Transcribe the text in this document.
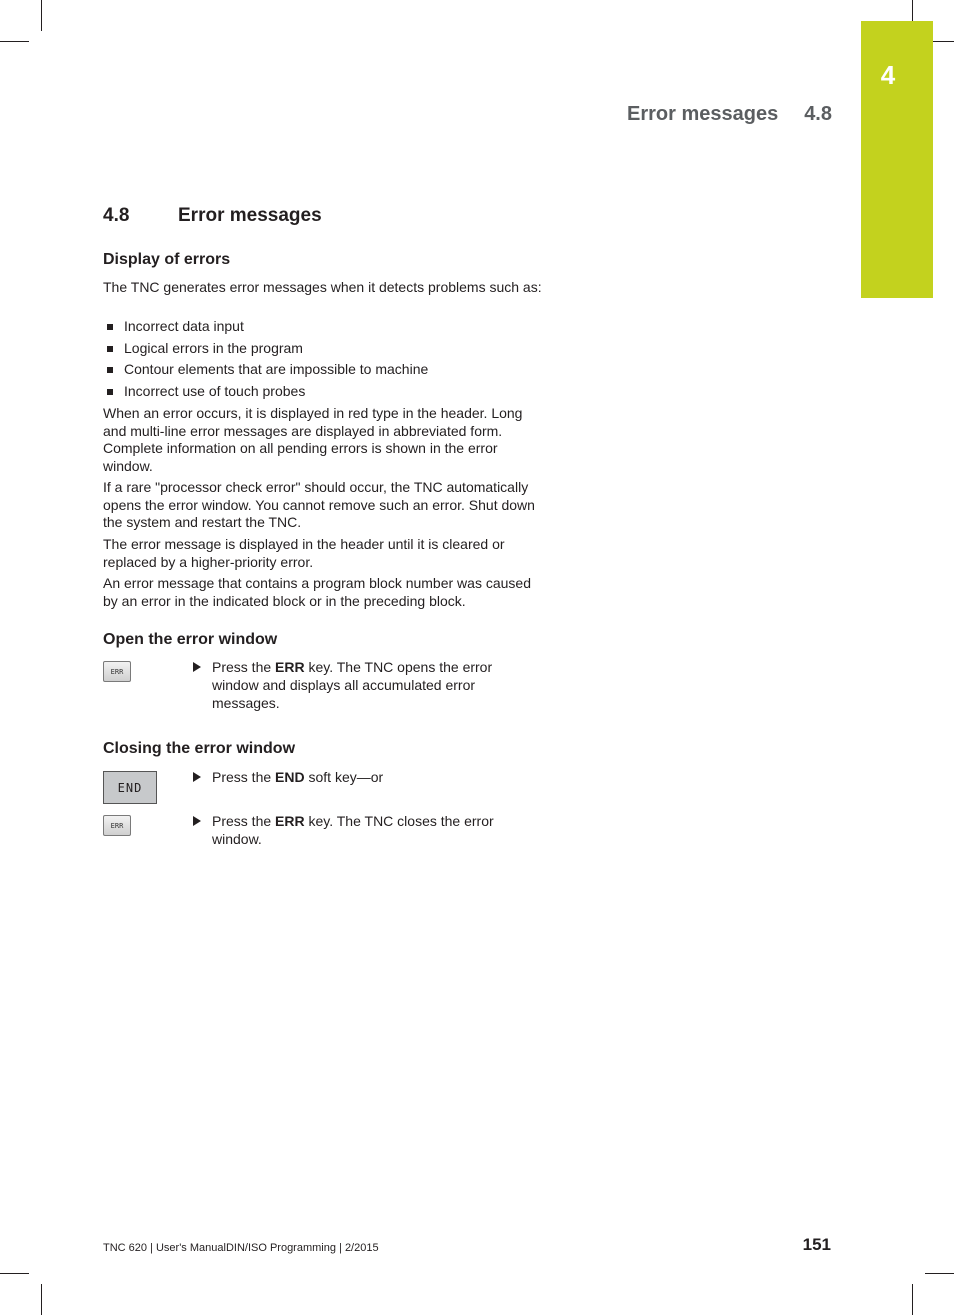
4
Error messages 4.8
4.8	Error messages
Display of errors
The TNC generates error messages when it detects problems such as:
Incorrect data input
Logical errors in the program
Contour elements that are impossible to machine
Incorrect use of touch probes
When an error occurs, it is displayed in red type in the header. Long and multi-line error messages are displayed in abbreviated form. Complete information on all pending errors is shown in the error window.
If a rare "processor check error" should occur, the TNC automatically opens the error window. You cannot remove such an error. Shut down the system and restart the TNC.
The error message is displayed in the header until it is cleared or replaced by a higher-priority error.
An error message that contains a program block number was caused by an error in the indicated block or in the preceding block.
Open the error window
ERR	Press the ERR key. The TNC opens the error window and displays all accumulated error messages.
Closing the error window
END
Press the END soft key—or
ERR	Press the ERR key. The TNC closes the error window.
TNC 620 | User's ManualDIN/ISO Programming | 2/2015	151
